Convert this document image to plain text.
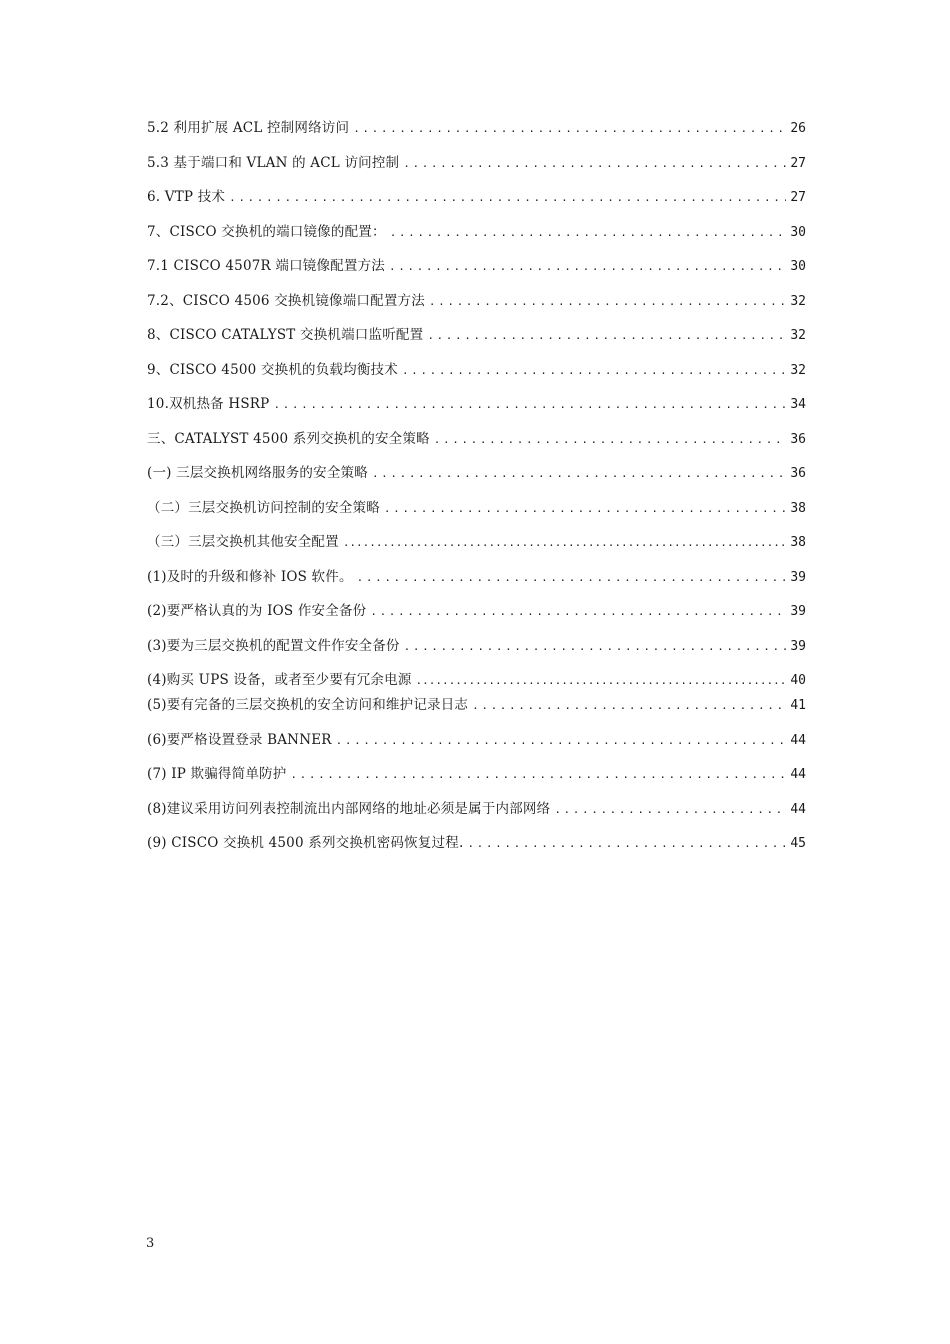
5.2 利用扩展 ACL 控制网络访问 .....	26
5.3 基于端口和 VLAN 的 ACL 访问控制 .....	27
6. VTP 技术 .....	27
7、CISCO 交换机的端口镜像的配置： .....	30
7.1 CISCO 4507R 端口镜像配置方法 .....	30
7.2、CISCO 4506 交换机镜像端口配置方法 .....	32
8、CISCO CATALYST 交换机端口监听配置 .....	32
9、CISCO 4500 交换机的负载均衡技术 .....	32
10.双机热备 HSRP .....	34
三、CATALYST 4500 系列交换机的安全策略 .....	36
(一) 三层交换机网络服务的安全策略 .....	36
（二）三层交换机访问控制的安全策略 .....	38
（三）三层交换机其他安全配置 .....	38
(1)及时的升级和修补 IOS 软件。 .....	39
(2)要严格认真的为 IOS 作安全备份 .....	39
(3)要为三层交换机的配置文件作安全备份 .....	39
(4)购买 UPS 设备，或者至少要有冗余电源 .....	40
(5)要有完备的三层交换机的安全访问和维护记录日志 .....	41
(6)要严格设置登录 BANNER .....	44
(7) IP 欺骗得简单防护 .....	44
(8)建议采用访问列表控制流出内部网络的地址必须是属于内部网络 .....	44
(9) CISCO 交换机 4500 系列交换机密码恢复过程. .....	45
3
